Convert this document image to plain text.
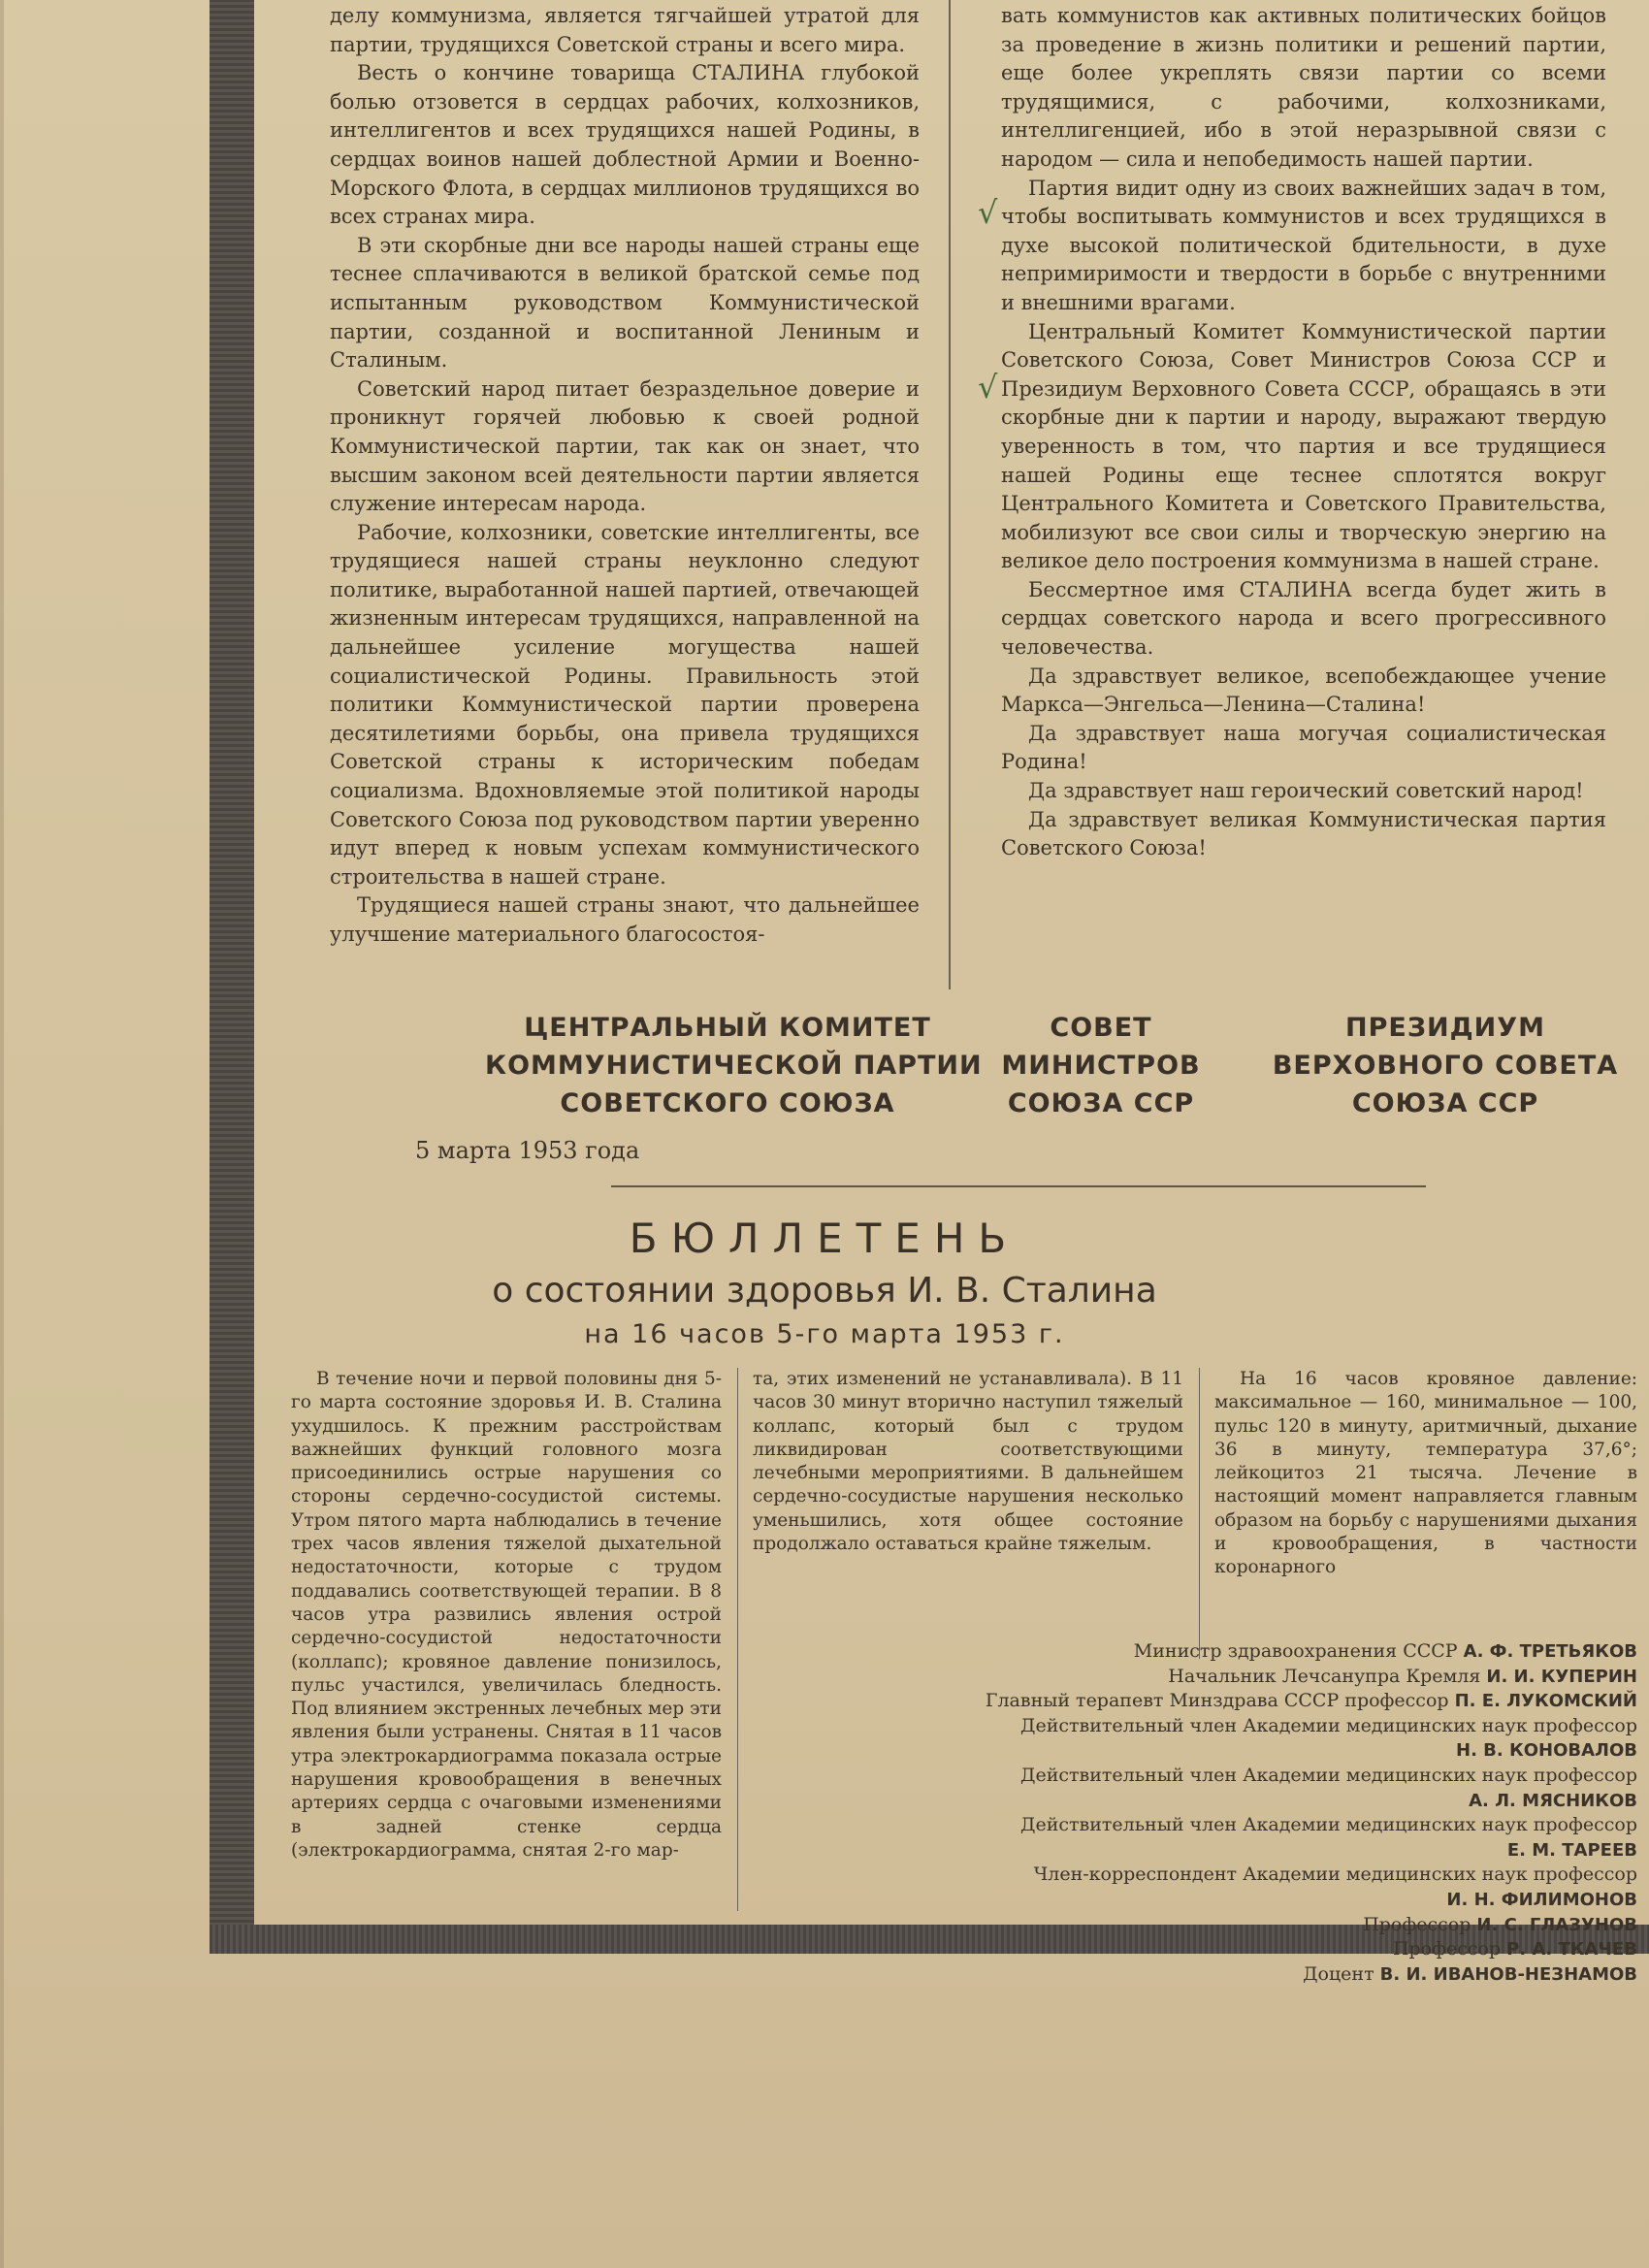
делу коммунизма, является тягчайшей утратой для партии, трудящихся Советской страны и всего мира.

Весть о кончине товарища СТАЛИНА глубокой болью отзовется в сердцах рабочих, колхозников, интеллигентов и всех трудящихся нашей Родины, в сердцах воинов нашей доблестной Армии и Военно-Морского Флота, в сердцах миллионов трудящихся во всех странах мира.

В эти скорбные дни все народы нашей страны еще теснее сплачиваются в великой братской семье под испытанным руководством Коммунистической партии, созданной и воспитанной Лениным и Сталиным.

Советский народ питает безраздельное доверие и проникнут горячей любовью к своей родной Коммунистической партии, так как он знает, что высшим законом всей деятельности партии является служение интересам народа.

Рабочие, колхозники, советские интеллигенты, все трудящиеся нашей страны неуклонно следуют политике, выработанной нашей партией, отвечающей жизненным интересам трудящихся, направленной на дальнейшее усиление могущества нашей социалистической Родины. Правильность этой политики Коммунистической партии проверена десятилетиями борьбы, она привела трудящихся Советской страны к историческим победам социализма. Вдохновляемые этой политикой народы Советского Союза под руководством партии уверенно идут вперед к новым успехам коммунистического строительства в нашей стране.

Трудящиеся нашей страны знают, что дальнейшее улучшение материального благосостоя-

вать коммунистов как активных политических бойцов за проведение в жизнь политики и решений партии, еще более укреплять связи партии со всеми трудящимися, с рабочими, колхозниками, интеллигенцией, ибо в этой неразрывной связи с народом — сила и непобедимость нашей партии.

Партия видит одну из своих важнейших задач в том, чтобы воспитывать коммунистов и всех трудящихся в духе высокой политической бдительности, в духе непримиримости и твердости в борьбе с внутренними и внешними врагами.

Центральный Комитет Коммунистической партии Советского Союза, Совет Министров Союза ССР и Президиум Верховного Совета СССР, обращаясь в эти скорбные дни к партии и народу, выражают твердую уверенность в том, что партия и все трудящиеся нашей Родины еще теснее сплотятся вокруг Центрального Комитета и Советского Правительства, мобилизуют все свои силы и творческую энергию на великое дело построения коммунизма в нашей стране.

Бессмертное имя СТАЛИНА всегда будет жить в сердцах советского народа и всего прогрессивного человечества.

Да здравствует великое, всепобеждающее учение Маркса—Энгельса—Ленина—Сталина!

Да здравствует наша могучая социалистическая Родина!

Да здравствует наш героический советский народ!

Да здравствует великая Коммунистическая партия Советского Союза!

√
√
ЦЕНТРАЛЬНЫЙ КОМИТЕТ
КОММУНИСТИЧЕСКОЙ ПАРТИИ
СОВЕТСКОГО СОЮЗА
СОВЕТ
МИНИСТРОВ
СОЮЗА ССР
ПРЕЗИДИУМ
ВЕРХОВНОГО СОВЕТА
СОЮЗА ССР
5 марта 1953 года
БЮЛЛЕТЕНЬ
о состоянии здоровья И. В. Сталина
на 16 часов 5-го марта 1953 г.

В течение ночи и первой половины дня 5-го марта состояние здоровья И. В. Сталина ухудшилось. К прежним расстройствам важнейших функций головного мозга присоединились острые нарушения со стороны сердечно-сосудистой системы. Утром пятого марта наблюдались в течение трех часов явления тяжелой дыхательной недостаточности, которые с трудом поддавались соответствующей терапии. В 8 часов утра развились явления острой сердечно-сосудистой недостаточности (коллапс); кровяное давление понизилось, пульс участился, увеличилась бледность. Под влиянием экстренных лечебных мер эти явления были устранены. Снятая в 11 часов утра электрокардиограмма показала острые нарушения кровообращения в венечных артериях сердца с очаговыми изменениями в задней стенке сердца (электрокардиограмма, снятая 2-го мар-

та, этих изменений не устанавливала). В 11 часов 30 минут вторично наступил тяжелый коллапс, который был с трудом ликвидирован соответствующими лечебными мероприятиями. В дальнейшем сердечно-сосудистые нарушения несколько уменьшились, хотя общее состояние продолжало оставаться крайне тяжелым.

На 16 часов кровяное давление: максимальное — 160, минимальное — 100, пульс 120 в минуту, аритмичный, дыхание 36 в минуту, температура 37,6°; лейкоцитоз 21 тысяча. Лечение в настоящий момент направляется главным образом на борьбу с нарушениями дыхания и кровообращения, в частности коронарного

Министр здравоохранения СССР А. Ф. ТРЕТЬЯКОВ
Начальник Лечсанупра Кремля И. И. КУПЕРИН
Главный терапевт Минздрава СССР профессор П. Е. ЛУКОМСКИЙ
Действительный член Академии медицинских наук профессор
Н. В. КОНОВАЛОВ
Действительный член Академии медицинских наук профессор
А. Л. МЯСНИКОВ
Действительный член Академии медицинских наук профессор
Е. М. ТАРЕЕВ
Член-корреспондент Академии медицинских наук профессор
И. Н. ФИЛИМОНОВ
Профессор И. С. ГЛАЗУНОВ
Профессор Р. А. ТКАЧЕВ
Доцент В. И. ИВАНОВ-НЕЗНАМОВ
